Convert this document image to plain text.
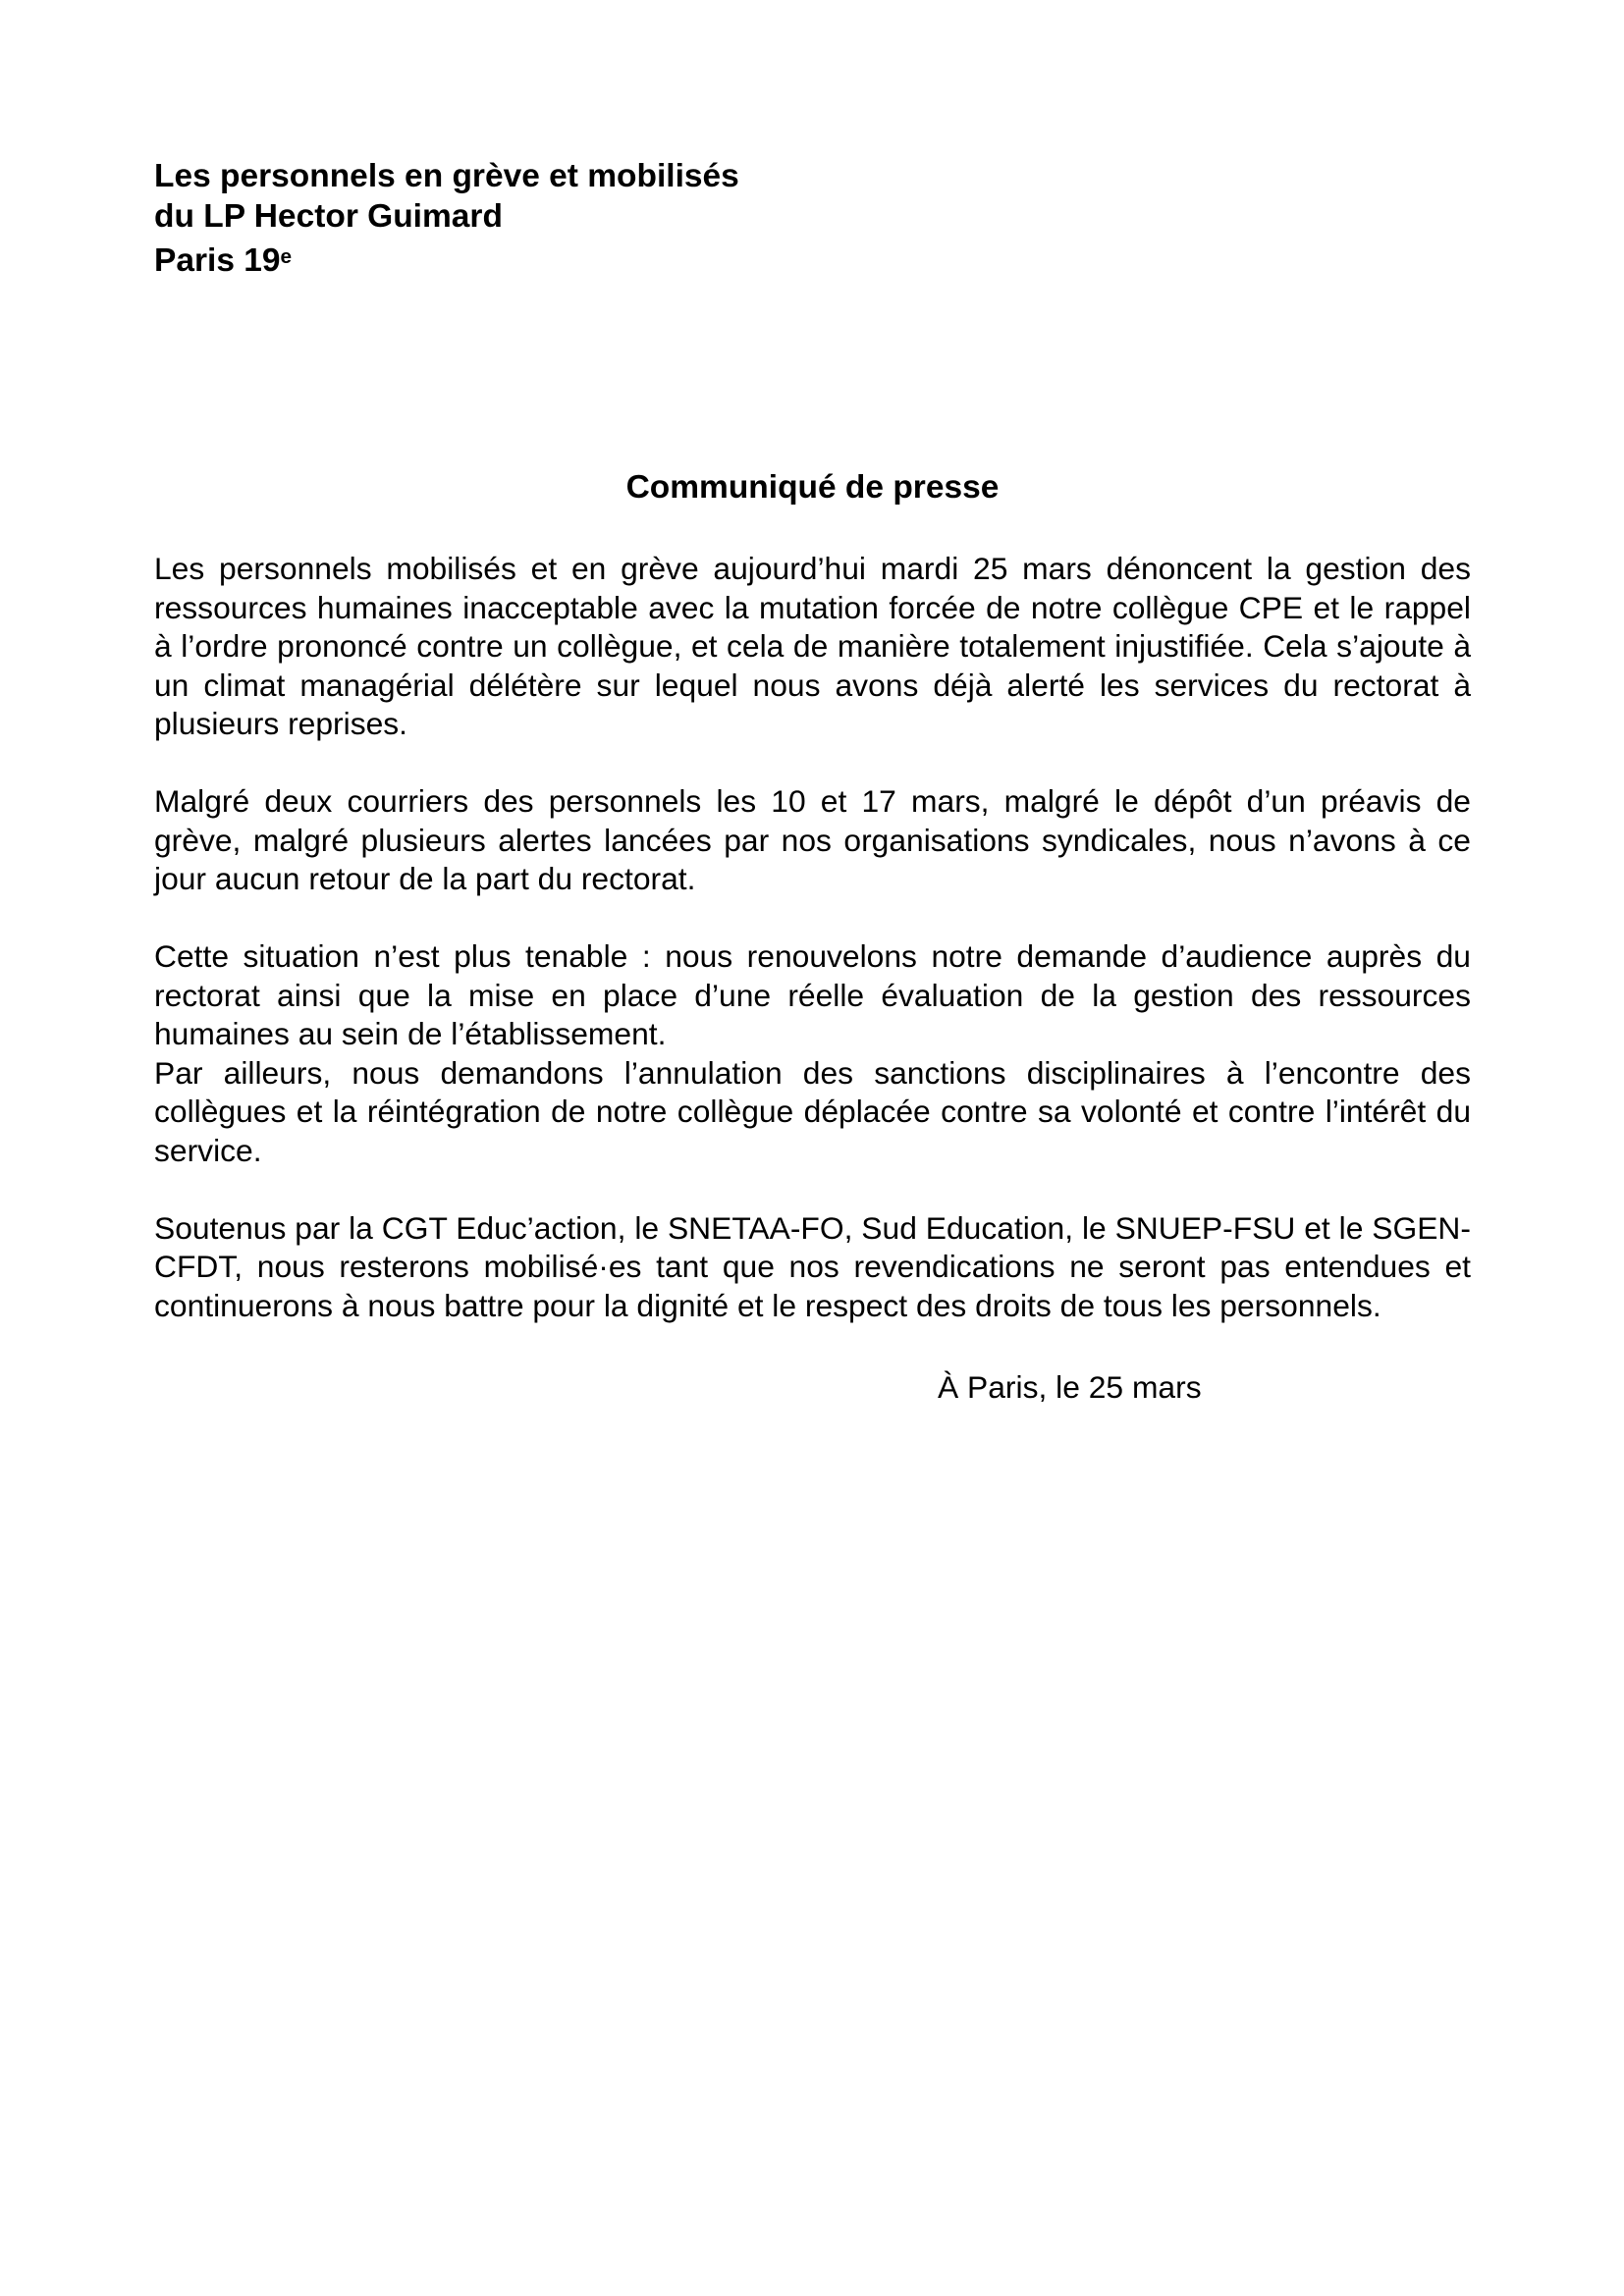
Les personnels en grève et mobilisés
du LP Hector Guimard
Paris 19e
Communiqué de presse

Les personnels mobilisés et en grève aujourd’hui mardi 25 mars dénoncent la gestion des ressources humaines inacceptable avec la mutation forcée de notre collègue CPE et le rappel à l’ordre prononcé contre un collègue, et cela de manière totalement injustifiée. Cela s’ajoute à un climat managérial délétère sur lequel nous avons déjà alerté les services du rectorat à plusieurs reprises.

Malgré deux courriers des personnels les 10 et 17 mars, malgré le dépôt d’un préavis de grève, malgré plusieurs alertes lancées par nos organisations syndicales, nous n’avons à ce jour aucun retour de la part du rectorat.

Cette situation n’est plus tenable : nous renouvelons notre demande d’audience auprès du rectorat ainsi que la mise en place d’une réelle évaluation de la gestion des ressources humaines au sein de l’établissement.

Par ailleurs, nous demandons l’annulation des sanctions disciplinaires à l’encontre des collègues et la réintégration de notre collègue déplacée contre sa volonté et contre l’intérêt du service.

Soutenus par la CGT Educ’action, le SNETAA-FO, Sud Education, le SNUEP-FSU et le SGEN-CFDT, nous resterons mobilisé·es tant que nos revendications ne seront pas entendues et continuerons à nous battre pour la dignité et le respect des droits de tous les personnels.

À Paris, le 25 mars
